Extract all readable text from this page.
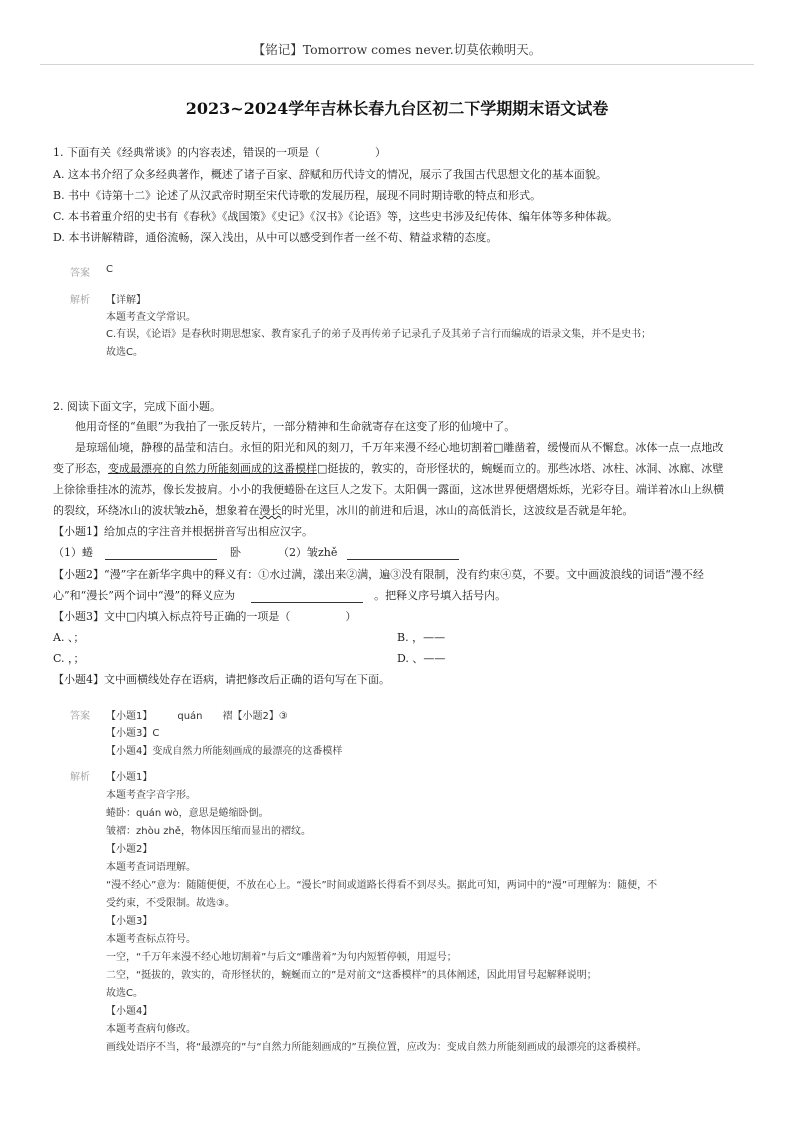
【铭记】Tomorrow comes never.切莫依赖明天。
2023~2024学年吉林长春九台区初二下学期期末语文试卷
1. 下面有关《经典常谈》的内容表述，错误的一项是（　　　　　）
A. 这本书介绍了众多经典著作，概述了诸子百家、辞赋和历代诗文的情况，展示了我国古代思想文化的基本面貌。
B. 书中《诗第十二》论述了从汉武帝时期至宋代诗歌的发展历程，展现不同时期诗歌的特点和形式。
C. 本书着重介绍的史书有《春秋》《战国策》《史记》《汉书》《论语》等，这些史书涉及纪传体、编年体等多种体裁。
D. 本书讲解精辟，通俗流畅，深入浅出，从中可以感受到作者一丝不苟、精益求精的态度。
答案 C
解析 【详解】
本题考查文学常识。
C.有误，《论语》是春秋时期思想家、教育家孔子的弟子及再传弟子记录孔子及其弟子言行而编成的语录文集，并不是史书；
故选C。
2. 阅读下面文字，完成下面小题。
他用奇怪的“鱼眼”为我拍了一张反转片，一部分精神和生命就寄存在这变了形的仙境中了。
是琼瑶仙境，静穆的晶莹和洁白。永恒的阳光和风的刻刀，千万年来漫不经心地切割着□雕凿着，缓慢而从不懈怠。冰体一点一点地改
变了形态，变成最漂亮的自然力所能刻画成的这番模样□挺拔的，敦实的，奇形怪状的，蜿蜒而立的。那些冰塔、冰柱、冰洞、冰廊、冰壁
上徐徐垂挂冰的流苏，像长发披肩。小小的我便蜷卧在这巨人之发下。太阳偶一露面，这冰世界便熠熠烁烁，光彩夺目。端详着冰山上纵横
的裂纹，环绕冰山的波状皱zhě，想象着在漫长的时光里，冰川的前进和后退，冰山的高低消长，这波纹是否就是年轮。
【小题1】给加点的字注音并根据拼音写出相应汉字。
（1）蜷	卧	（2）皱zhě
【小题2】“漫”字在新华字典中的释义有：①水过满，漾出来②满，遍③没有限制，没有约束④莫，不要。文中画波浪线的词语“漫不经
心”和“漫长”两个词中“漫”的释义应为	。把释义序号填入括号内。
【小题3】文中□内填入标点符号正确的一项是（　　　　　）
A. 、；	B. ，——
C. ，；	D. 、——
【小题4】文中画横线处存在语病，请把修改后正确的语句写在下面。
答案 【小题1】　　　quán　　褶【小题2】③
【小题3】C
【小题4】变成自然力所能刻画成的最漂亮的这番模样
解析 【小题1】
本题考查字音字形。
蜷卧：quán wò，意思是蜷缩卧倒。
皱褶：zhòu zhě，物体因压缩而显出的褶纹。
【小题2】
本题考查词语理解。
“漫不经心”意为：随随便便，不放在心上。“漫长”时间或道路长得看不到尽头。据此可知，两词中的“漫”可理解为：随便，不
受约束，不受限制。故选③。
【小题3】
本题考查标点符号。
一空，“千万年来漫不经心地切割着”与后文“雕凿着”为句内短暂停顿，用逗号；
二空，“挺拔的，敦实的，奇形怪状的，蜿蜒而立的”是对前文“这番模样”的具体阐述，因此用冒号起解释说明；
故选C。
【小题4】
本题考查病句修改。
画线处语序不当，将“最漂亮的”与“自然力所能刻画成的”互换位置，应改为：变成自然力所能刻画成的最漂亮的这番模样。
